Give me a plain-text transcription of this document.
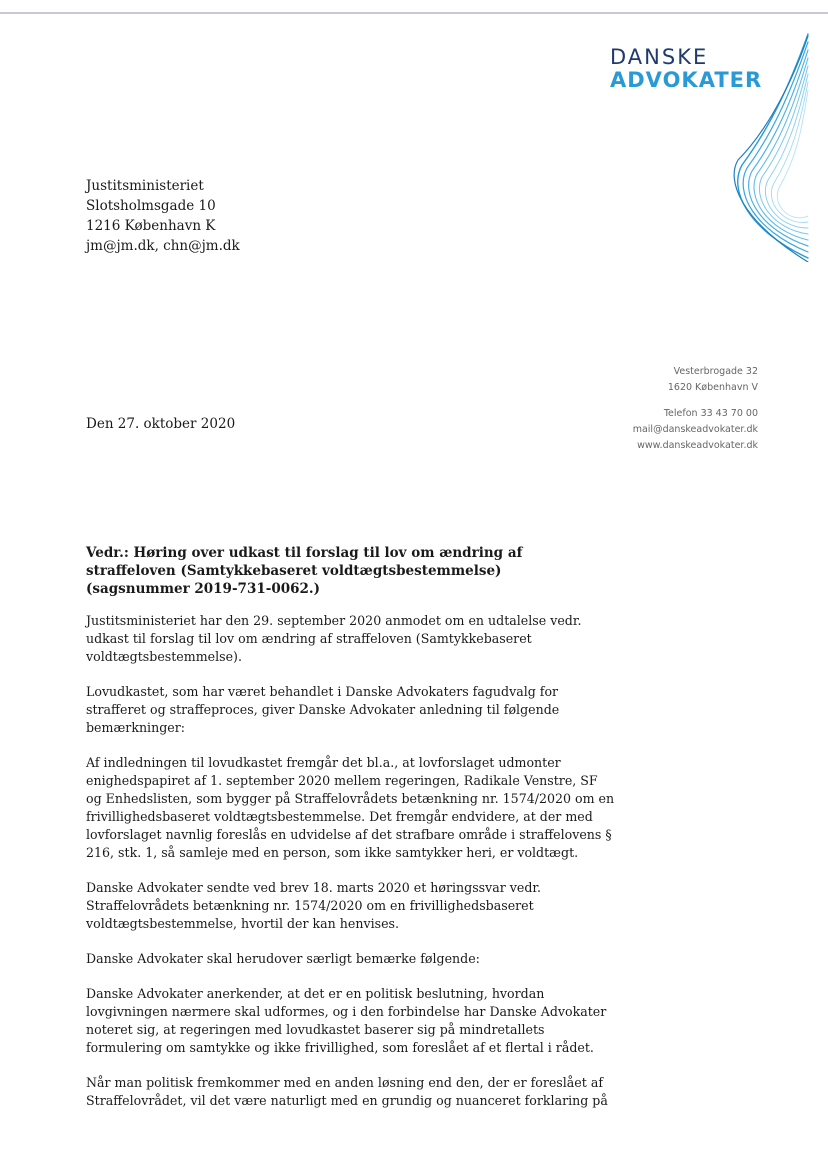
DANSKE
ADVOKATER
Justitsministeriet
Slotsholmsgade 10
1216 København K
jm@jm.dk, chn@jm.dk
Vesterbrogade 32
1620 København V
Telefon 33 43 70 00
mail@danskeadvokater.dk
www.danskeadvokater.dk
Den 27. oktober 2020
Vedr.: Høring over udkast til forslag til lov om ændring af straffeloven (Samtykkebaseret voldtægtsbestemmelse) (sagsnummer 2019-731-0062.)

Justitsministeriet har den 29. september 2020 anmodet om en udtalelse vedr. udkast til forslag til lov om ændring af straffeloven (Samtykkebaseret voldtægtsbestemmelse).

Lovudkastet, som har været behandlet i Danske Advokaters fagudvalg for strafferet og straffeproces, giver Danske Advokater anledning til følgende bemærkninger:

Af indledningen til lovudkastet fremgår det bl.a., at lovforslaget udmonter enighedspapiret af 1. september 2020 mellem regeringen, Radikale Venstre, SF og Enhedslisten, som bygger på Straffelovrådets betænkning nr. 1574/2020 om en frivillighedsbaseret voldtægtsbestemmelse. Det fremgår endvidere, at der med lovforslaget navnlig foreslås en udvidelse af det strafbare område i straffelovens § 216, stk. 1, så samleje med en person, som ikke samtykker heri, er voldtægt.

Danske Advokater sendte ved brev 18. marts 2020 et høringssvar vedr. Straffelovrådets betænkning nr. 1574/2020 om en frivillighedsbaseret voldtægtsbestemmelse, hvortil der kan henvises.

Danske Advokater skal herudover særligt bemærke følgende:

Danske Advokater anerkender, at det er en politisk beslutning, hvordan lovgivningen nærmere skal udformes, og i den forbindelse har Danske Advokater noteret sig, at regeringen med lovudkastet baserer sig på mindretallets formulering om samtykke og ikke frivillighed, som foreslået af et flertal i rådet.

Når man politisk fremkommer med en anden løsning end den, der er foreslået af Straffelovrådet, vil det være naturligt med en grundig og nuanceret forklaring på
